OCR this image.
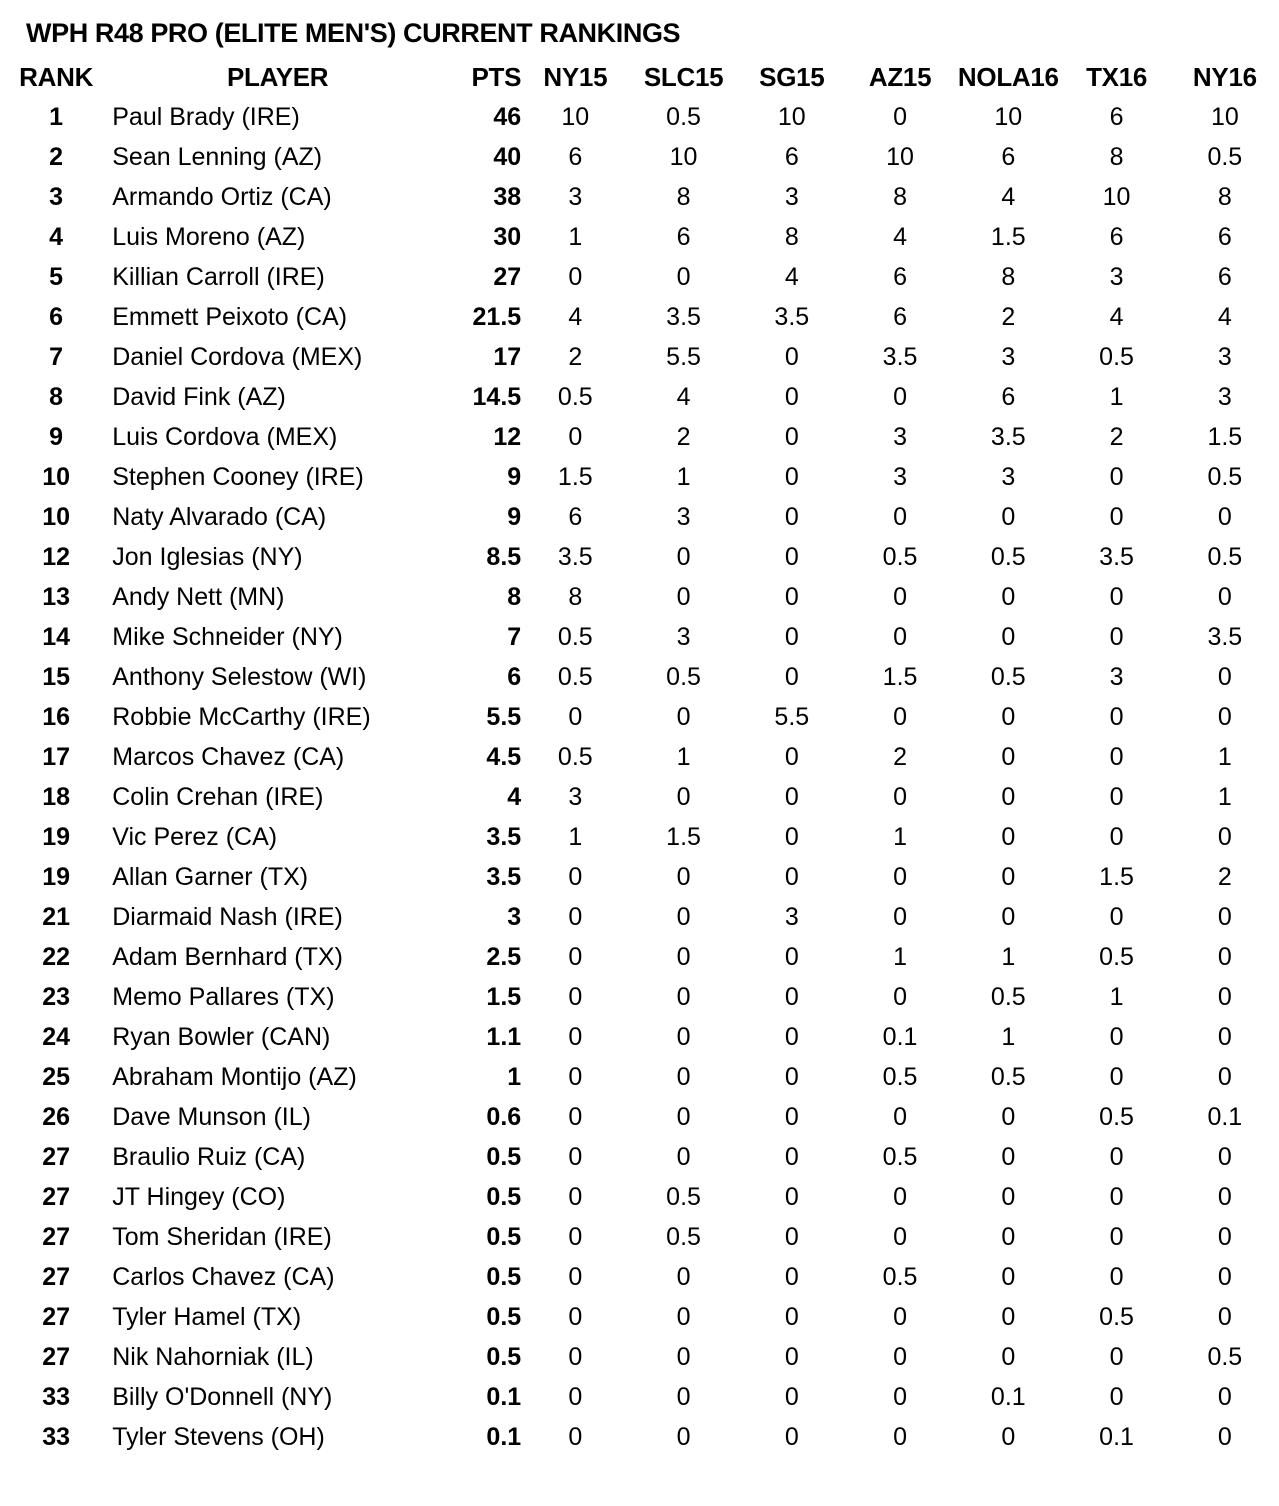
WPH R48 PRO (ELITE MEN'S) CURRENT RANKINGS
RANK	PLAYER	PTS	NY15	SLC15	SG15	AZ15	NOLA16	TX16	NY16
1	Paul Brady (IRE)	46	10	0.5	10	0	10	6	10
2	Sean Lenning (AZ)	40	6	10	6	10	6	8	0.5
3	Armando Ortiz (CA)	38	3	8	3	8	4	10	8
4	Luis Moreno (AZ)	30	1	6	8	4	1.5	6	6
5	Killian Carroll (IRE)	27	0	0	4	6	8	3	6
6	Emmett Peixoto (CA)	21.5	4	3.5	3.5	6	2	4	4
7	Daniel Cordova (MEX)	17	2	5.5	0	3.5	3	0.5	3
8	David Fink (AZ)	14.5	0.5	4	0	0	6	1	3
9	Luis Cordova (MEX)	12	0	2	0	3	3.5	2	1.5
10	Stephen Cooney (IRE)	9	1.5	1	0	3	3	0	0.5
10	Naty Alvarado (CA)	9	6	3	0	0	0	0	0
12	Jon Iglesias (NY)	8.5	3.5	0	0	0.5	0.5	3.5	0.5
13	Andy Nett (MN)	8	8	0	0	0	0	0	0
14	Mike Schneider (NY)	7	0.5	3	0	0	0	0	3.5
15	Anthony Selestow (WI)	6	0.5	0.5	0	1.5	0.5	3	0
16	Robbie McCarthy (IRE)	5.5	0	0	5.5	0	0	0	0
17	Marcos Chavez (CA)	4.5	0.5	1	0	2	0	0	1
18	Colin Crehan (IRE)	4	3	0	0	0	0	0	1
19	Vic Perez (CA)	3.5	1	1.5	0	1	0	0	0
19	Allan Garner (TX)	3.5	0	0	0	0	0	1.5	2
21	Diarmaid Nash (IRE)	3	0	0	3	0	0	0	0
22	Adam Bernhard (TX)	2.5	0	0	0	1	1	0.5	0
23	Memo Pallares (TX)	1.5	0	0	0	0	0.5	1	0
24	Ryan Bowler (CAN)	1.1	0	0	0	0.1	1	0	0
25	Abraham Montijo (AZ)	1	0	0	0	0.5	0.5	0	0
26	Dave Munson (IL)	0.6	0	0	0	0	0	0.5	0.1
27	Braulio Ruiz (CA)	0.5	0	0	0	0.5	0	0	0
27	JT Hingey (CO)	0.5	0	0.5	0	0	0	0	0
27	Tom Sheridan (IRE)	0.5	0	0.5	0	0	0	0	0
27	Carlos Chavez (CA)	0.5	0	0	0	0.5	0	0	0
27	Tyler Hamel (TX)	0.5	0	0	0	0	0	0.5	0
27	Nik Nahorniak (IL)	0.5	0	0	0	0	0	0	0.5
33	Billy O'Donnell (NY)	0.1	0	0	0	0	0.1	0	0
33	Tyler Stevens (OH)	0.1	0	0	0	0	0	0.1	0
